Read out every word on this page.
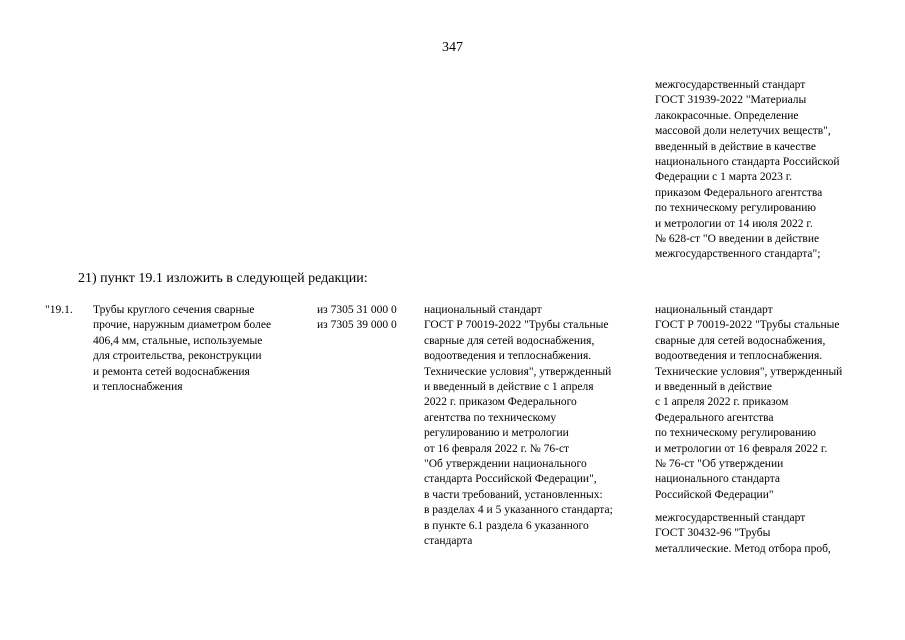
347
межгосударственный стандарт
ГОСТ 31939-2022 "Материалы
лакокрасочные. Определение
массовой доли нелетучих веществ",
введенный в действие в качестве
национального стандарта Российской
Федерации с 1 марта 2023 г.
приказом Федерального агентства
по техническому регулированию
и метрологии от 14 июля 2022 г.
№ 628-ст "О введении в действие
межгосударственного стандарта";
21) пункт 19.1 изложить в следующей редакции:
"19.1. Трубы круглого сечения сварные
прочие, наружным диаметром более
406,4 мм, стальные, используемые
для строительства, реконструкции
и ремонта сетей водоснабжения
и теплоснабжения
из 7305 31 000 0
из 7305 39 000 0
национальный стандарт
ГОСТ Р 70019-2022 "Трубы стальные
сварные для сетей водоснабжения,
водоотведения и теплоснабжения.
Технические условия", утвержденный
и введенный в действие с 1 апреля
2022 г. приказом Федерального
агентства по техническому
регулированию и метрологии
от 16 февраля 2022 г. № 76-ст
"Об утверждении национального
стандарта Российской Федерации",
в части требований, установленных:
в разделах 4 и 5 указанного стандарта;
в пункте 6.1 раздела 6 указанного
стандарта
национальный стандарт
ГОСТ Р 70019-2022 "Трубы стальные
сварные для сетей водоснабжения,
водоотведения и теплоснабжения.
Технические условия", утвержденный
и введенный в действие
с 1 апреля 2022 г. приказом
Федерального агентства
по техническому регулированию
и метрологии от 16 февраля 2022 г.
№ 76-ст "Об утверждении
национального стандарта
Российской Федерации"
межгосударственный стандарт
ГОСТ 30432-96 "Трубы
металлические. Метод отбора проб,
